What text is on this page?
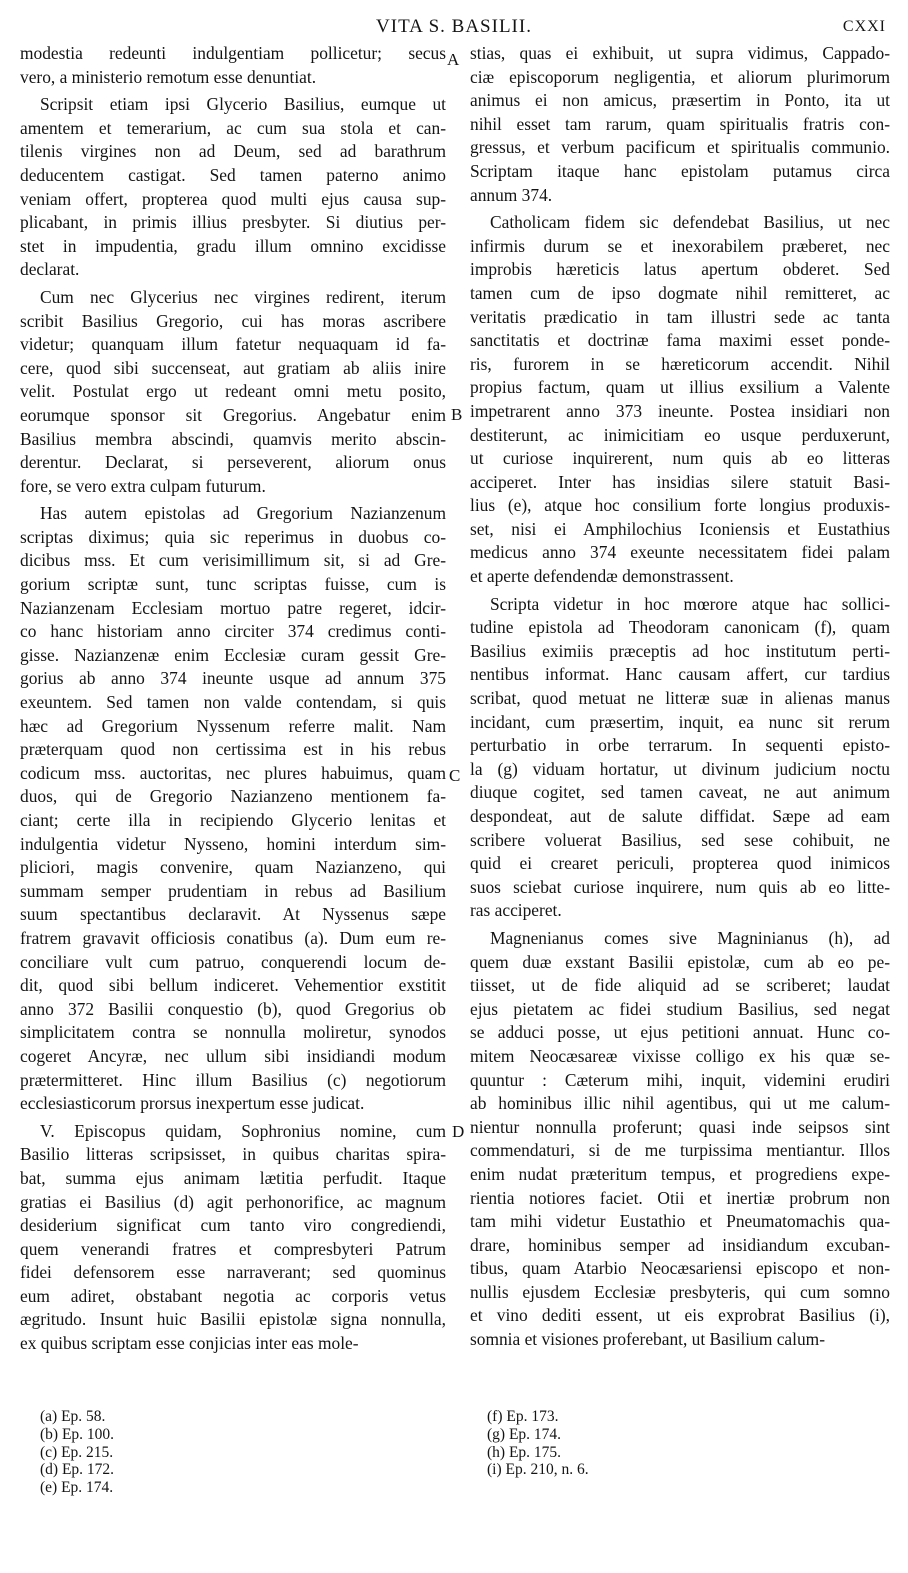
VITA S. BASILII.	CXXI
modestia redeunti indulgentiam pollicetur; secus
vero, a ministerio remotum esse denuntiat.
Scripsit etiam ipsi Glycerio Basilius, eumque ut
amentem et temerarium, ac cum sua stola et can-
tilenis virgines non ad Deum, sed ad barathrum
deducentem castigat. Sed tamen paterno animo
veniam offert, propterea quod multi ejus causa sup-
plicabant, in primis illius presbyter. Si diutius per-
stet in impudentia, gradu illum omnino excidisse
declarat.
Cum nec Glycerius nec virgines redirent, iterum
scribit Basilius Gregorio, cui has moras ascribere
videtur; quanquam illum fatetur nequaquam id fa-
cere, quod sibi succenseat, aut gratiam ab aliis inire
velit. Postulat ergo ut redeant omni metu posito,
eorumque sponsor sit Gregorius. Angebatur enim
Basilius membra abscindi, quamvis merito abscin-
derentur. Declarat, si perseverent, aliorum onus
fore, se vero extra culpam futurum.
Has autem epistolas ad Gregorium Nazianzenum
scriptas diximus; quia sic reperimus in duobus co-
dicibus mss. Et cum verisimillimum sit, si ad Gre-
gorium scriptæ sunt, tunc scriptas fuisse, cum is
Nazianzenam Ecclesiam mortuo patre regeret, idcir-
co hanc historiam anno circiter 374 credimus conti-
gisse. Nazianzenæ enim Ecclesiæ curam gessit Gre-
gorius ab anno 374 ineunte usque ad annum 375
exeuntem. Sed tamen non valde contendam, si quis
hæc ad Gregorium Nyssenum referre malit. Nam
præterquam quod non certissima est in his rebus
codicum mss. auctoritas, nec plures habuimus, quam
duos, qui de Gregorio Nazianzeno mentionem fa-
ciant; certe illa in recipiendo Glycerio lenitas et
indulgentia videtur Nysseno, homini interdum sim-
pliciori, magis convenire, quam Nazianzeno, qui
summam semper prudentiam in rebus ad Basilium
suum spectantibus declaravit. At Nyssenus sæpe
fratrem gravavit officiosis conatibus (a). Dum eum re-
conciliare vult cum patruo, conquerendi locum de-
dit, quod sibi bellum indiceret. Vehementior exstitit
anno 372 Basilii conquestio (b), quod Gregorius ob
simplicitatem contra se nonnulla moliretur, synodos
cogeret Ancyræ, nec ullum sibi insidiandi modum
prætermitteret. Hinc illum Basilius (c) negotiorum
ecclesiasticorum prorsus inexpertum esse judicat.
V. Episcopus quidam, Sophronius nomine, cum
Basilio litteras scripsisset, in quibus charitas spira-
bat, summa ejus animam lætitia perfudit. Itaque
gratias ei Basilius (d) agit perhonorifice, ac magnum
desiderium significat cum tanto viro congrediendi,
quem venerandi fratres et compresbyteri Patrum
fidei defensorem esse narraverant; sed quominus
eum adiret, obstabant negotia ac corporis vetus
ægritudo. Insunt huic Basilii epistolæ signa nonnulla,
ex quibus scriptam esse conjicias inter eas mole-
stias, quas ei exhibuit, ut supra vidimus, Cappado-
ciæ episcoporum negligentia, et aliorum plurimorum
animus ei non amicus, præsertim in Ponto, ita ut
nihil esset tam rarum, quam spiritualis fratris con-
gressus, et verbum pacificum et spiritualis communio.
Scriptam itaque hanc epistolam putamus circa
annum 374.
Catholicam fidem sic defendebat Basilius, ut nec
infirmis durum se et inexorabilem præberet, nec
improbis hæreticis latus apertum obderet. Sed
tamen cum de ipso dogmate nihil remitteret, ac
veritatis prædicatio in tam illustri sede ac tanta
sanctitatis et doctrinæ fama maximi esset ponde-
ris, furorem in se hæreticorum accendit. Nihil
propius factum, quam ut illius exsilium a Valente
impetrarent anno 373 ineunte. Postea insidiari non
destiterunt, ac inimicitiam eo usque perduxerunt,
ut curiose inquirerent, num quis ab eo litteras
acciperet. Inter has insidias silere statuit Basi-
lius (e), atque hoc consilium forte longius produxis-
set, nisi ei Amphilochius Iconiensis et Eustathius
medicus anno 374 exeunte necessitatem fidei palam
et aperte defendendæ demonstrassent.
Scripta videtur in hoc mœrore atque hac sollici-
tudine epistola ad Theodoram canonicam (f), quam
Basilius eximiis præceptis ad hoc institutum perti-
nentibus informat. Hanc causam affert, cur tardius
scribat, quod metuat ne litteræ suæ in alienas manus
incidant, cum præsertim, inquit, ea nunc sit rerum
perturbatio in orbe terrarum. In sequenti episto-
la (g) viduam hortatur, ut divinum judicium noctu
diuque cogitet, sed tamen caveat, ne aut animum
despondeat, aut de salute diffidat. Sæpe ad eam
scribere voluerat Basilius, sed sese cohibuit, ne
quid ei crearet periculi, propterea quod inimicos
suos sciebat curiose inquirere, num quis ab eo litte-
ras acciperet.
Magnenianus comes sive Magninianus (h), ad
quem duæ exstant Basilii epistolæ, cum ab eo pe-
tiisset, ut de fide aliquid ad se scriberet; laudat
ejus pietatem ac fidei studium Basilius, sed negat
se adduci posse, ut ejus petitioni annuat. Hunc co-
mitem Neocæsareæ vixisse colligo ex his quæ se-
quuntur : Cæterum mihi, inquit, videmini erudiri
ab hominibus illic nihil agentibus, qui ut me calum-
nientur nonnulla proferunt; quasi inde seipsos sint
commendaturi, si de me turpissima mentiantur. Illos
enim nudat præteritum tempus, et progrediens expe-
rientia notiores faciet. Otii et inertiæ probrum non
tam mihi videtur Eustathio et Pneumatomachis qua-
drare, hominibus semper ad insidiandum excuban-
tibus, quam Atarbio Neocæsariensi episcopo et non-
nullis ejusdem Ecclesiæ presbyteris, qui cum somno
et vino dediti essent, ut eis exprobrat Basilius (i),
somnia et visiones proferebant, ut Basilium calum-
A
B
C
D
(a) Ep. 58.
(b) Ep. 100.
(c) Ep. 215.
(d) Ep. 172.
(e) Ep. 174.
(f) Ep. 173.
(g) Ep. 174.
(h) Ep. 175.
(i) Ep. 210, n. 6.
